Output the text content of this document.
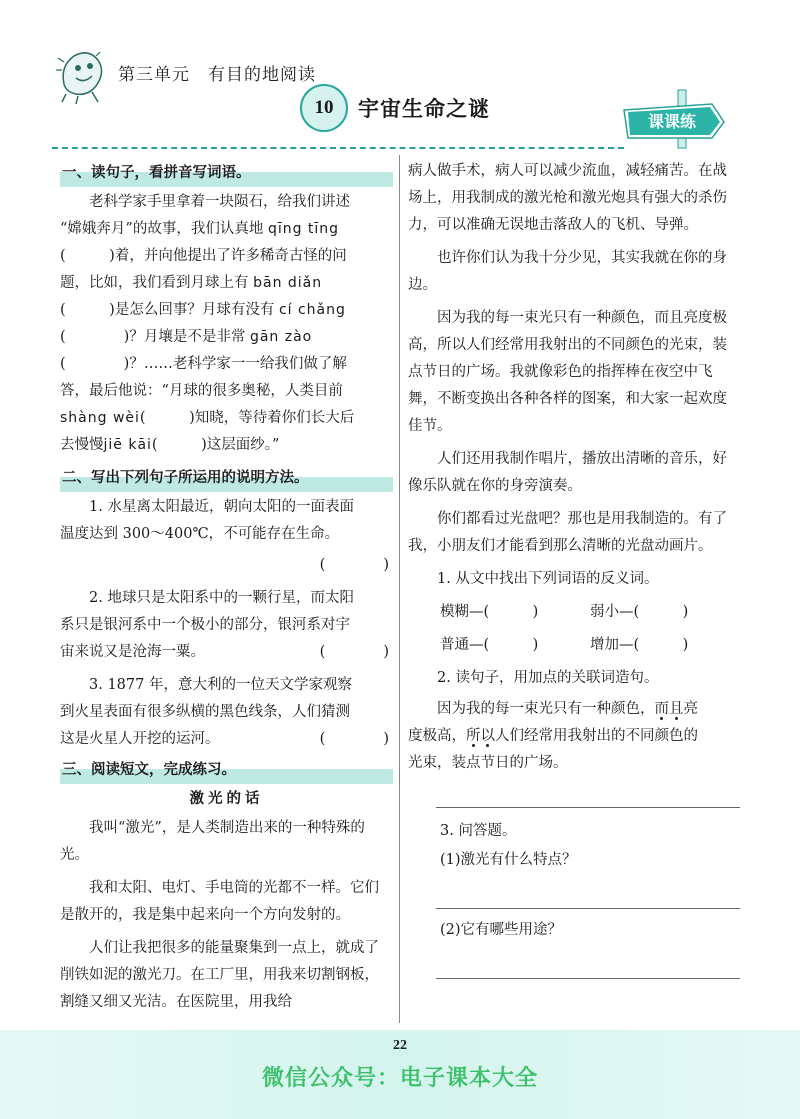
第三单元　有目的地阅读
10	宇宙生命之谜
课课练
一、读句子，看拼音写词语。

　　老科学家手里拿着一块陨石，给我们讲述

“嫦娥奔月”的故事，我们认真地 qīng tīng

(　　　)着，并向他提出了许多稀奇古怪的问

题，比如，我们看到月球上有 bān diǎn

(　　　)是怎么回事？月球有没有 cí chǎng

(　　　　)？月壤是不是非常 gān zào

(　　　　)？……老科学家一一给我们做了解

答，最后他说：“月球的很多奥秘，人类目前

shàng wèi(　　　)知晓，等待着你们长大后

去慢慢jiē kāi(　　　)这层面纱。”

二、写出下列句子所运用的说明方法。

1. 水星离太阳最近，朝向太阳的一面表面

温度达到 300～400℃，不可能存在生命。

(　　　　)

2. 地球只是太阳系中的一颗行星，而太阳

系只是银河系中一个极小的部分，银河系对宇

宙来说又是沧海一粟。	(　　　　)

3. 1877 年，意大利的一位天文学家观察

到火星表面有很多纵横的黑色线条，人们猜测

这是火星人开挖的运河。	(　　　　)

三、阅读短文，完成练习。

激光的话

我叫“激光”，是人类制造出来的一种特殊的光。

我和太阳、电灯、手电筒的光都不一样。它们是散开的，我是集中起来向一个方向发射的。

人们让我把很多的能量聚集到一点上，就成了削铁如泥的激光刀。在工厂里，用我来切割钢板，割缝又细又光洁。在医院里，用我给

病人做手术，病人可以减少流血，减轻痛苦。在战场上，用我制成的激光枪和激光炮具有强大的杀伤力，可以准确无误地击落敌人的飞机、导弹。

也许你们认为我十分少见，其实我就在你的身边。

因为我的每一束光只有一种颜色，而且亮度极高，所以人们经常用我射出的不同颜色的光束，装点节日的广场。我就像彩色的指挥棒在夜空中飞舞，不断变换出各种各样的图案，和大家一起欢度佳节。

人们还用我制作唱片，播放出清晰的音乐，好像乐队就在你的身旁演奏。

你们都看过光盘吧？那也是用我制造的。有了我，小朋友们才能看到那么清晰的光盘动画片。

1. 从文中找出下列词语的反义词。

模糊—(　　　)	弱小—(　　　)
普通—(　　　)	增加—(　　　)

2. 读句子，用加点的关联词造句。

因为我的每一束光只有一种颜色，而且亮

度极高，所以人们经常用我射出的不同颜色的

光束，装点节日的广场。

3. 问答题。

(1)激光有什么特点？

(2)它有哪些用途？

22
微信公众号：电子课本大全
